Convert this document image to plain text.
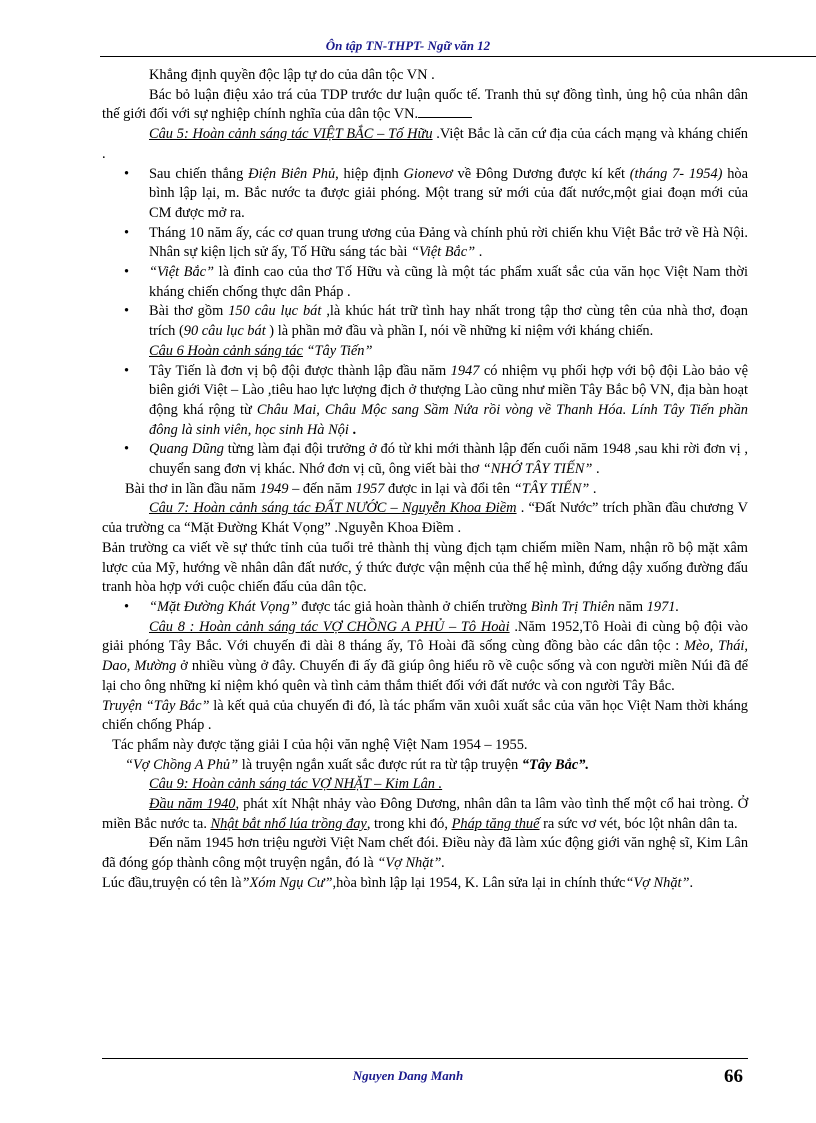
Ôn tập TN-THPT- Ngữ văn 12

Khẳng định quyền độc lập tự do của dân tộc VN .

Bác bỏ luận điệu xảo trá của TDP trước dư luận quốc tế. Tranh thủ sự đồng tình, ủng hộ của nhân dân thế giới đối với sự nghiệp chính nghĩa của dân tộc VN.

Câu 5: Hoàn cảnh sáng tác VIỆT BẮC – Tố Hữu .Việt Bắc là căn cứ địa của cách mạng và kháng chiến .

• Sau chiến thắng Điện Biên Phủ, hiệp định Gionevơ về Đông Dương được kí kết (tháng 7- 1954) hòa bình lập lại, m. Bắc nước ta được giải phóng. Một trang sử mới của đất nước,một giai đoạn mới của CM được mở ra.

• Tháng 10 năm ấy, các cơ quan trung ương của Đảng và chính phủ rời chiến khu Việt Bắc trở về Hà Nội. Nhân sự kiện lịch sử ấy, Tố Hữu sáng tác bài “Việt Bắc” .

• “Việt Bắc” là đỉnh cao của thơ Tố Hữu và cũng là một tác phẩm xuất sắc của văn học Việt Nam thời kháng chiến chống thực dân Pháp .

• Bài thơ gồm 150 câu lục bát ,là khúc hát trữ tình hay nhất trong tập thơ cùng tên của nhà thơ, đoạn trích (90 câu lục bát ) là phần mở đầu và phần I, nói về những kỉ niệm với kháng chiến.

Câu 6 Hoàn cảnh sáng tác “Tây Tiến”

• Tây Tiến là đơn vị bộ đội được thành lập đầu năm 1947 có nhiệm vụ phối hợp với bộ đội Lào bảo vệ biên giới Việt – Lào ,tiêu hao lực lượng địch ở thượng Lào cũng như miền Tây Bắc bộ VN, địa bàn hoạt động khá rộng từ Châu Mai, Châu Mộc sang Sầm Nứa rồi vòng về Thanh Hóa. Lính Tây Tiến phần đông là sinh viên, học sinh Hà Nội .

• Quang Dũng từng làm đại đội trưởng ở đó từ khi mới thành lập đến cuối năm 1948 ,sau khi rời đơn vị , chuyển sang đơn vị khác. Nhớ đơn vị cũ, ông viết bài thơ “NHỚ TÂY TIẾN” .

Bài thơ in lần đầu năm 1949 – đến năm 1957 được in lại và đổi tên “TÂY TIẾN” .

Câu 7: Hoàn cảnh sáng tác ĐẤT NƯỚC – Nguyễn Khoa Điềm . “Đất Nước” trích phần đầu chương V của trường ca “Mặt Đường Khát Vọng” .Nguyễn Khoa Điềm .

Bản trường ca viết về sự thức tỉnh của tuổi trẻ thành thị vùng địch tạm chiếm miền Nam, nhận rõ bộ mặt xâm lược của Mỹ, hướng về nhân dân đất nước, ý thức được vận mệnh của thế hệ mình, đứng dậy xuống đường đấu tranh hòa hợp với cuộc chiến đấu của dân tộc.

• “Mặt Đường Khát Vọng” được tác giả hoàn thành ở chiến trường Bình Trị Thiên năm 1971.

Câu 8 : Hoàn cảnh sáng tác VỢ CHỒNG A PHỦ – Tô Hoài .Năm 1952,Tô Hoài đi cùng bộ đội vào giải phóng Tây Bắc. Với chuyến đi dài 8 tháng ấy, Tô Hoài đã sống cùng đồng bào các dân tộc : Mèo, Thái, Dao, Mường ở nhiều vùng ở đây. Chuyến đi ấy đã giúp ông hiểu rõ về cuộc sống và con người miền Núi đã để lại cho ông những kỉ niệm khó quên và tình cảm thắm thiết đối với đất nước và con người Tây Bắc.

Truyện “Tây Bắc” là kết quả của chuyến đi đó, là tác phẩm văn xuôi xuất sắc của văn học Việt Nam thời kháng chiến chống Pháp .

Tác phẩm này được tặng giải I của hội văn nghệ Việt Nam 1954 – 1955.

“Vợ Chồng A Phủ” là truyện ngắn xuất sắc được rút ra từ tập truyện “Tây Bắc”.

Câu 9: Hoàn cảnh sáng tác VỢ NHẶT – Kim Lân .

Đầu năm 1940, phát xít Nhật nhảy vào Đông Dương, nhân dân ta lâm vào tình thế một cổ hai tròng. Ở miền Bắc nước ta. Nhật bắt nhổ lúa trồng đay, trong khi đó, Pháp tăng thuế ra sức vơ vét, bóc lột nhân dân ta.

Đến năm 1945 hơn triệu người Việt Nam chết đói. Điều này đã làm xúc động giới văn nghệ sĩ, Kim Lân đã đóng góp thành công một truyện ngắn, đó là “Vợ Nhặt”.

Lúc đầu,truyện có tên là”Xóm Ngụ Cư”,hòa bình lập lại 1954, K. Lân sửa lại in chính thức“Vợ Nhặt”.

Nguyen Dang Manh	66
